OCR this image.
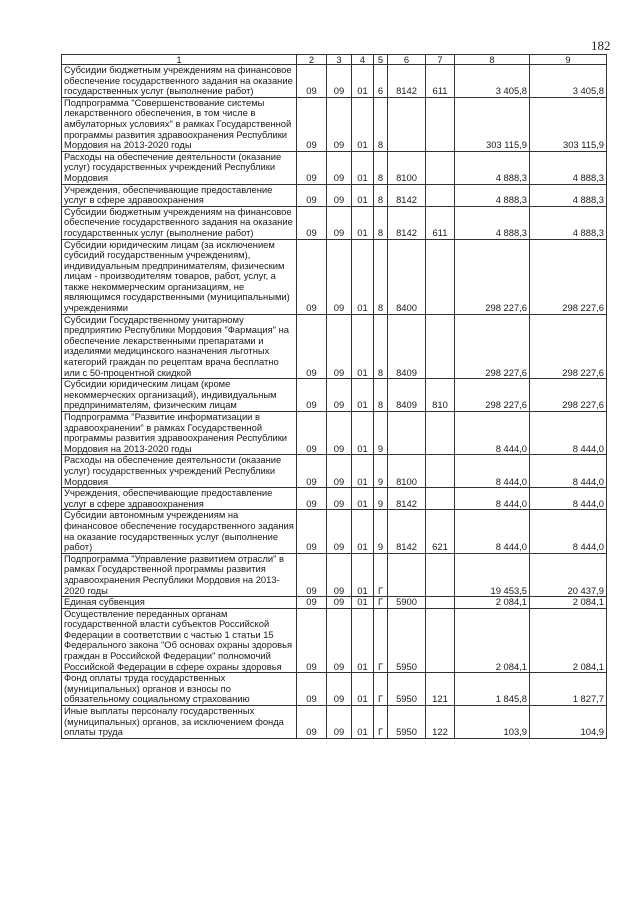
182
1	2	3	4	5	6	7	8	9
Субсидии бюджетным учреждениям на финансовое обеспечение государственного задания на оказание государственных услуг (выполнение работ)	09	09	01	6	8142	611	3 405,8	3 405,8
Подпрограмма "Совершенствование системы лекарственного обеспечения, в том числе в амбулаторных условиях" в рамках Государственной программы развития здравоохранения Республики Мордовия на 2013-2020 годы	09	09	01	8			303 115,9	303 115,9
Расходы на обеспечение деятельности (оказание услуг) государственных учреждений Республики Мордовия	09	09	01	8	8100		4 888,3	4 888,3
Учреждения, обеспечивающие предоставление услуг в сфере здравоохранения	09	09	01	8	8142		4 888,3	4 888,3
Субсидии бюджетным учреждениям на финансовое обеспечение государственного задания на оказание государственных услуг (выполнение работ)	09	09	01	8	8142	611	4 888,3	4 888,3
Субсидии юридическим лицам (за исключением субсидий государственным учреждениям), индивидуальным предпринимателям, физическим лицам - производителям товаров, работ, услуг, а также некоммерческим организациям, не являющимся государственными (муниципальными) учреждениями	09	09	01	8	8400		298 227,6	298 227,6
Субсидии Государственному унитарному предприятию Республики Мордовия "Фармация" на обеспечение лекарственными препаратами и изделиями медицинского назначения льготных категорий граждан по рецептам врача бесплатно или с 50-процентной скидкой	09	09	01	8	8409		298 227,6	298 227,6
Субсидии юридическим лицам (кроме некоммерческих организаций), индивидуальным предпринимателям, физическим лицам	09	09	01	8	8409	810	298 227,6	298 227,6
Подпрограмма "Развитие информатизации в здравоохранении" в рамках Государственной программы развития здравоохранения Республики Мордовия на 2013-2020 годы	09	09	01	9			8 444,0	8 444,0
Расходы на обеспечение деятельности (оказание услуг) государственных учреждений Республики Мордовия	09	09	01	9	8100		8 444,0	8 444,0
Учреждения, обеспечивающие предоставление услуг в сфере здравоохранения	09	09	01	9	8142		8 444,0	8 444,0
Субсидии автономным учреждениям на финансовое обеспечение государственного задания на оказание государственных услуг (выполнение работ)	09	09	01	9	8142	621	8 444,0	8 444,0
Подпрограмма "Управление развитием отрасли" в рамках Государственной программы развития здравоохранения Республики Мордовия на 2013-2020 годы	09	09	01	Г			19 453,5	20 437,9
Единая субвенция	09	09	01	Г	5900		2 084,1	2 084,1
Осуществление переданных органам государственной власти субъектов Российской Федерации в соответствии с частью 1 статьи 15 Федерального закона "Об основах охраны здоровья граждан в Российской Федерации" полномочий Российской Федерации в сфере охраны здоровья	09	09	01	Г	5950		2 084,1	2 084,1
Фонд оплаты труда государственных (муниципальных) органов и взносы по обязательному социальному страхованию	09	09	01	Г	5950	121	1 845,8	1 827,7
Иные выплаты персоналу государственных (муниципальных) органов, за исключением фонда оплаты труда	09	09	01	Г	5950	122	103,9	104,9
